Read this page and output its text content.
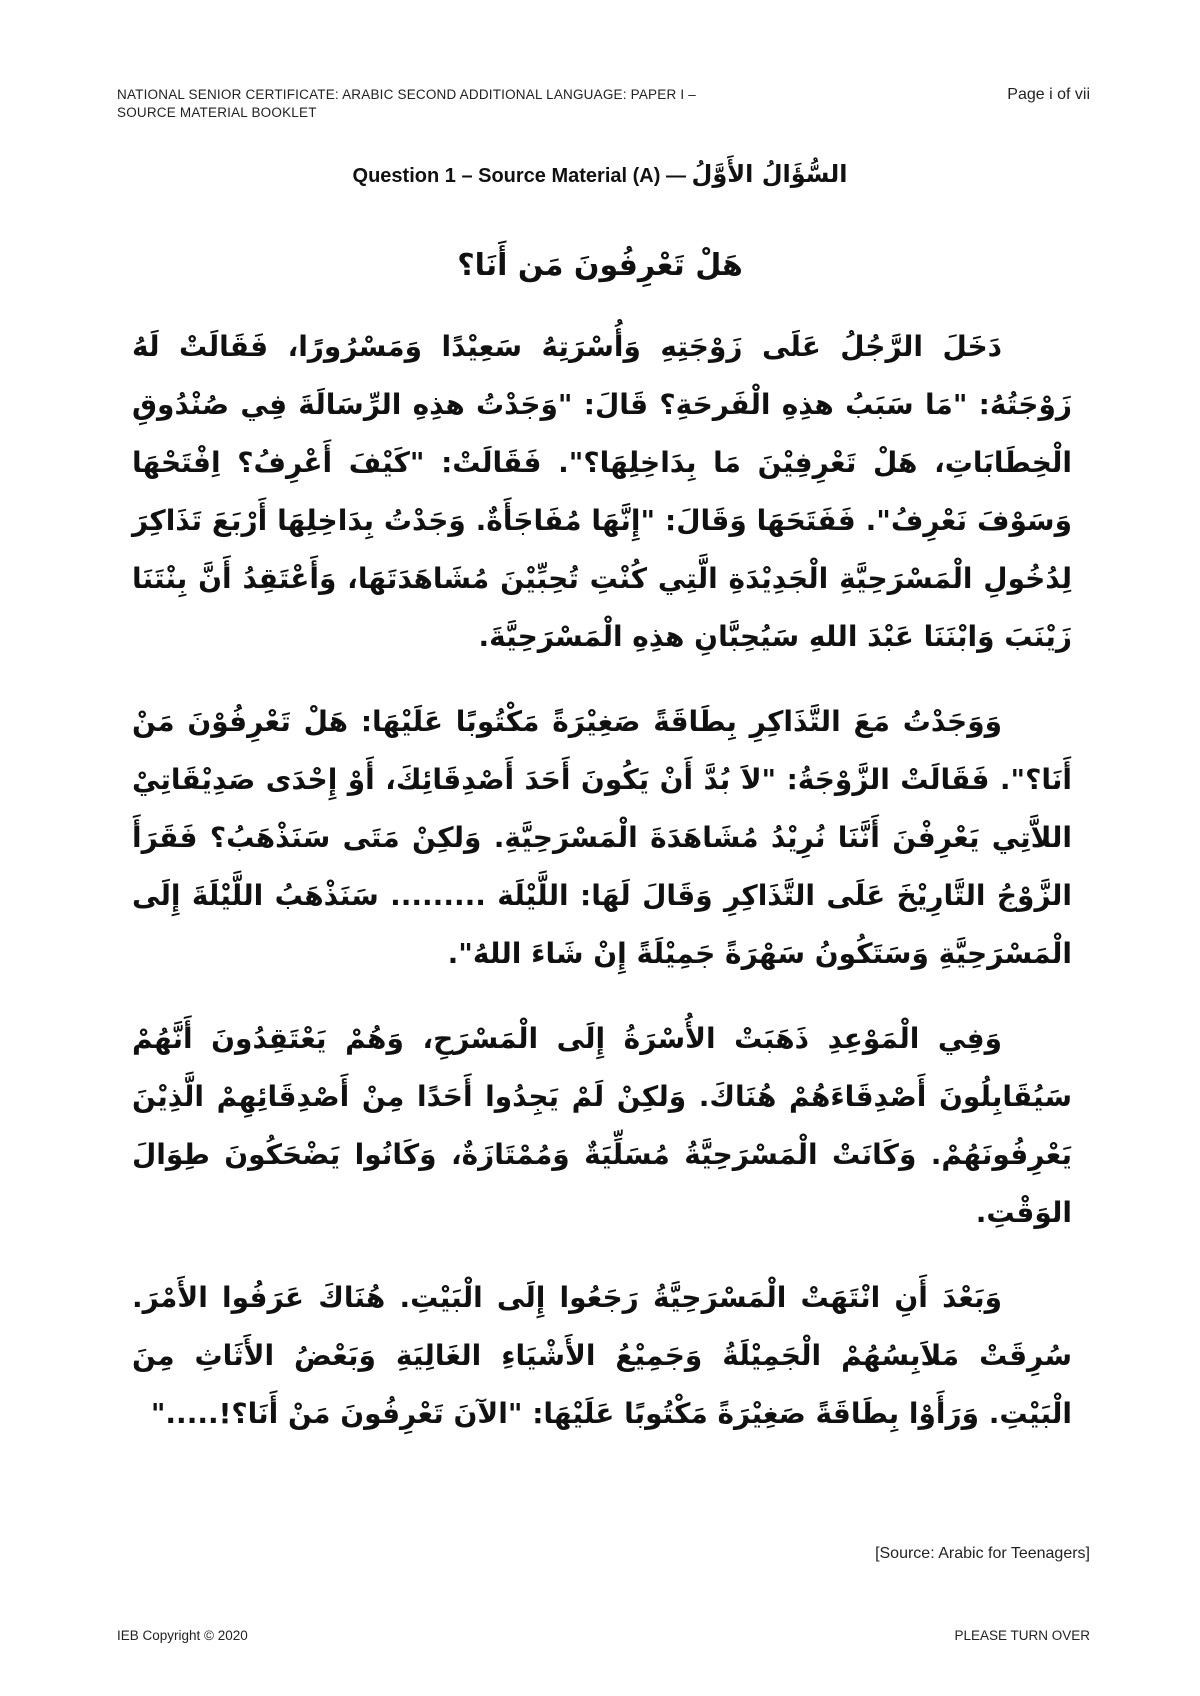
NATIONAL SENIOR CERTIFICATE: ARABIC SECOND ADDITIONAL LANGUAGE: PAPER I –
SOURCE MATERIAL BOOKLET
Page i of vii
Question 1 – Source Material (A) — السُّؤَالُ الأَوَّلُ
هَلْ تَعْرِفُونَ مَن أَنَا؟

دَخَلَ الرَّجُلُ عَلَى زَوْجَتِهِ وَأُسْرَتِهُ سَعِيْدًا وَمَسْرُورًا، فَقَالَتْ لَهُ زَوْجَتُهُ: "مَا سَبَبُ هذِهِ الْفَرحَةِ؟ قَالَ: "وَجَدْتُ هذِهِ الرِّسَالَةَ فِي صُنْدُوقِ الْخِطَابَاتِ، هَلْ تَعْرِفِيْنَ مَا بِدَاخِلِهَا؟". فَقَالَتْ: "كَيْفَ أَعْرِفُ؟ اِفْتَحْهَا وَسَوْفَ نَعْرِفُ". فَفَتَحَهَا وَقَالَ: "إِنَّهَا مُفَاجَأَةٌ. وَجَدْتُ بِدَاخِلِهَا أَرْبَعَ تَذَاكِرَ لِدُخُولِ الْمَسْرَحِيَّةِ الْجَدِيْدَةِ الَّتِي كُنْتِ تُحِبِّيْنَ مُشَاهَدَتَهَا، وَأَعْتَقِدُ أَنَّ بِنْتَنَا زَيْنَبَ وَابْنَنَا عَبْدَ اللهِ سَيُحِبَّانِ هذِهِ الْمَسْرَحِيَّةَ.

وَوَجَدْتُ مَعَ التَّذَاكِرِ بِطَاقَةً صَغِيْرَةً مَكْتُوبًا عَلَيْهَا: هَلْ تَعْرِفُوْنَ مَنْ أَنَا؟". فَقَالَتْ الزَّوْجَةُ: "لاَ بُدَّ أَنْ يَكُونَ أَحَدَ أَصْدِقَائِكَ، أَوْ إِحْدَى صَدِيْقَاتِيْ اللاَّتِي يَعْرِفْنَ أَنَّنَا نُرِيْدُ مُشَاهَدَةَ الْمَسْرَحِيَّةِ. وَلكِنْ مَتَى سَنَذْهَبُ؟ فَقَرَأَ الزَّوْجُ التَّارِيْخَ عَلَى التَّذَاكِرِ وَقَالَ لَهَا: اللَّيْلَة ......... سَنَذْهَبُ اللَّيْلَةَ إِلَى الْمَسْرَحِيَّةِ وَسَتَكُونُ سَهْرَةً جَمِيْلَةً إِنْ شَاءَ اللهُ".

وَفِي الْمَوْعِدِ ذَهَبَتْ الأُسْرَةُ إِلَى الْمَسْرَحِ، وَهُمْ يَعْتَقِدُونَ أَنَّهُمْ سَيُقَابِلُونَ أَصْدِقَاءَهُمْ هُنَاكَ. وَلكِنْ لَمْ يَجِدُوا أَحَدًا مِنْ أَصْدِقَائِهِمْ الَّذِيْنَ يَعْرِفُونَهُمْ. وَكَانَتْ الْمَسْرَحِيَّةُ مُسَلِّيَةٌ وَمُمْتَازَةٌ، وَكَانُوا يَضْحَكُونَ طِوَالَ الوَقْتِ.

وَبَعْدَ أَنِ انْتَهَتْ الْمَسْرَحِيَّةُ رَجَعُوا إِلَى الْبَيْتِ. هُنَاكَ عَرَفُوا الأَمْرَ. سُرِقَتْ مَلاَبِسُهُمْ الْجَمِيْلَةُ وَجَمِيْعُ الأَشْيَاءِ الغَالِيَةِ وَبَعْضُ الأَثَاثِ مِنَ الْبَيْتِ. وَرَأَوْا بِطَاقَةً صَغِيْرَةً مَكْتُوبًا عَلَيْهَا: "الآنَ تَعْرِفُونَ مَنْ أَنَا؟!....."

[Source: Arabic for Teenagers]
IEB Copyright © 2020	PLEASE TURN OVER
